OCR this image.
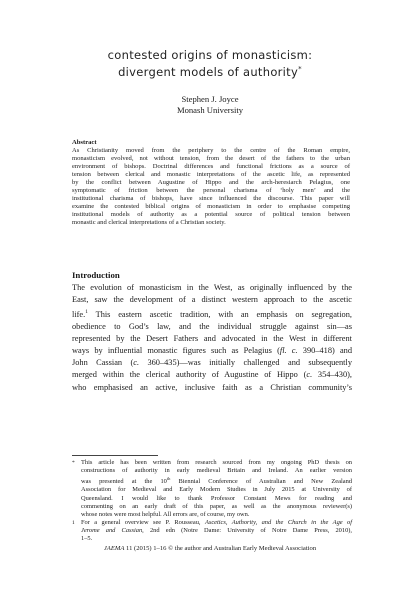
contested origins of monasticism:
divergent models of authority*
Stephen J. Joyce
Monash University
Abstract
As Christianity moved from the periphery to the centre of the Roman empire,
monasticism evolved, not without tension, from the desert of the fathers to the urban
environment of bishops. Doctrinal differences and functional frictions as a source of
tension between clerical and monastic interpretations of the ascetic life, as represented
by the conflict between Augustine of Hippo and the arch-heresiarch Pelagius, one
symptomatic of friction between the personal charisma of ‘holy men’ and the
institutional charisma of bishops, have since influenced the discourse. This paper will
examine the contested biblical origins of monasticism in order to emphasise competing
institutional models of authority as a potential source of political tension between
monastic and clerical interpretations of a Christian society.
Introduction
The evolution of monasticism in the West, as originally influenced by the
East, saw the development of a distinct western approach to the ascetic
life.$^1$ This eastern ascetic tradition, with an emphasis on segregation,
obedience to God’s law, and the individual struggle against sin—as
represented by the Desert Fathers and advocated in the West in different
ways by influential monastic figures such as Pelagius (fl. c. 390–418) and
John Cassian (c. 360–435)—was initially challenged and subsequently
merged within the clerical authority of Augustine of Hippo (c. 354–430),
who emphasised an active, inclusive faith as a Christian community’s
* This article has been written from research sourced from my ongoing PhD thesis on
constructions of authority in early medieval Britain and Ireland. An earlier version
was presented at the 10th Biennial Conference of Australian and New Zealand
Association for Medieval and Early Modern Studies in July 2015 at University of
Queensland. I would like to thank Professor Constant Mews for reading and
commenting on an early draft of this paper, as well as the anonymous reviewer(s)
whose notes were most helpful. All errors are, of course, my own.
1 For a general overview see P. Rousseau, Ascetics, Authority, and the Church in the Age of
Jerome and Cassian, 2nd edn (Notre Dame: University of Notre Dame Press, 2010),
1–5.
JAEMA 11 (2015) 1–16 © the author and Australian Early Medieval Association
